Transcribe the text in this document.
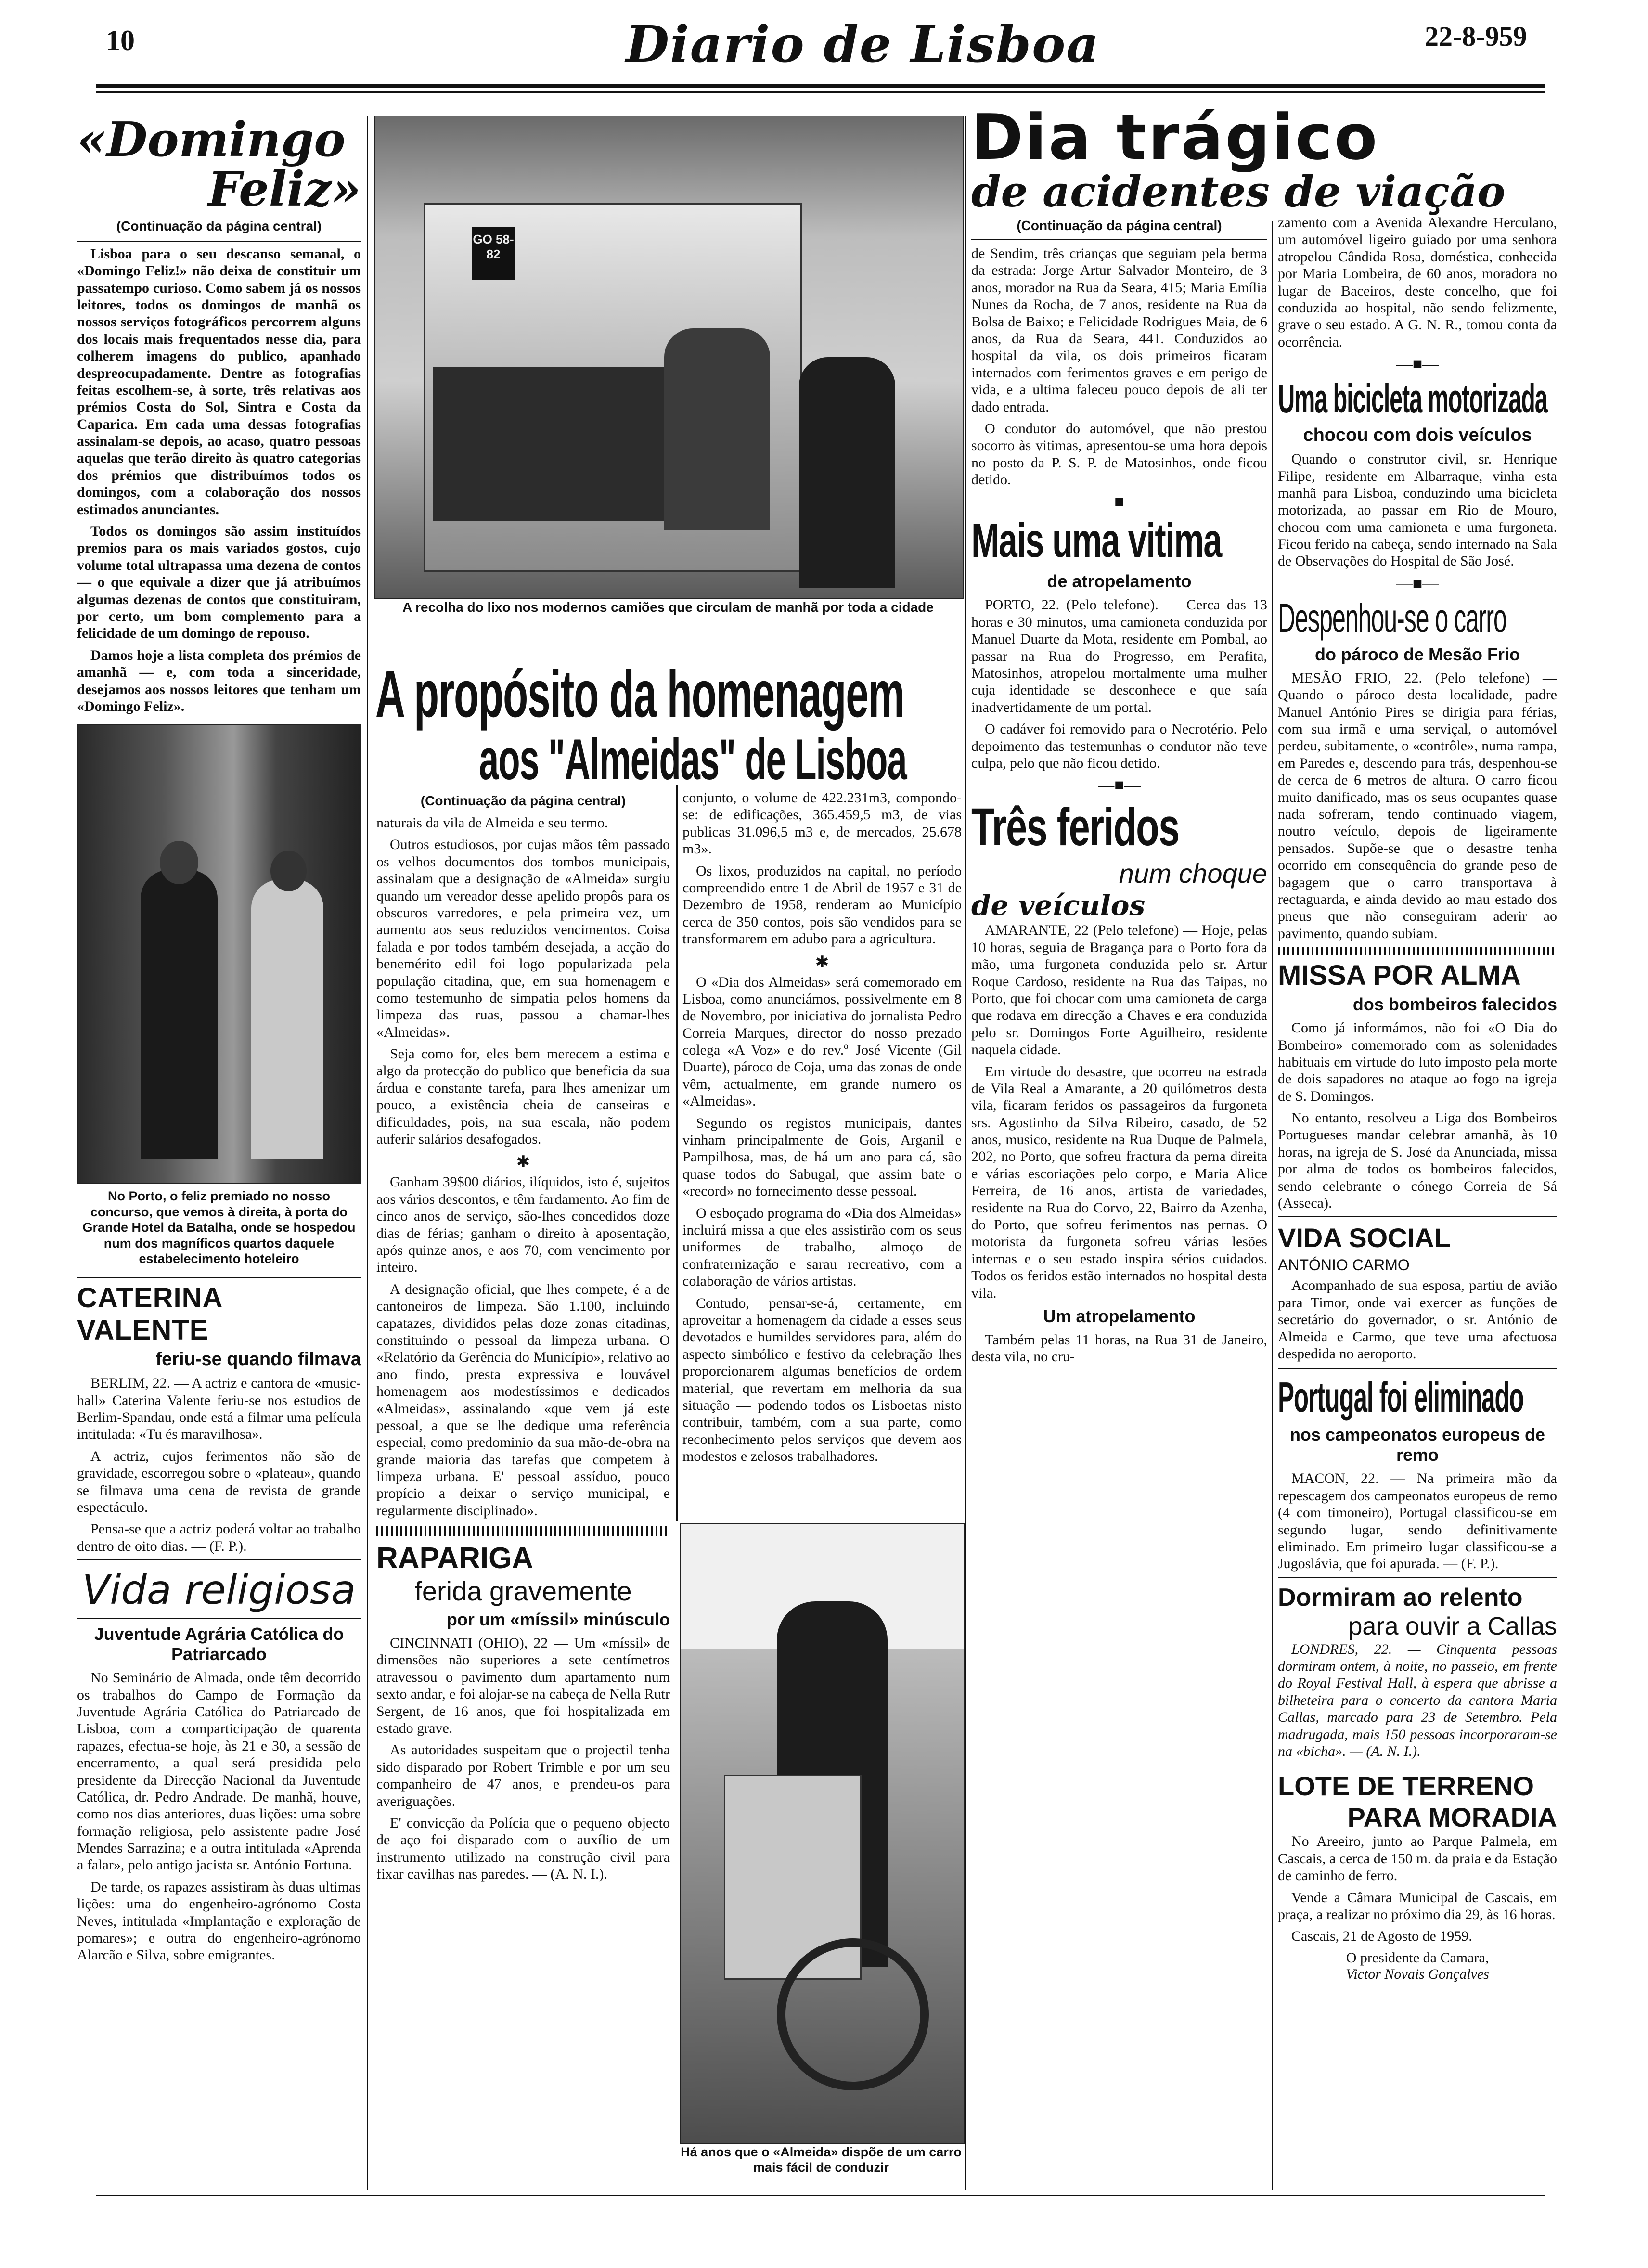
10	Diario de Lisboa	22-8-959
«Domingo
Feliz»
(Continuação da página central)

Lisboa para o seu descanso semanal, o «Domingo Feliz!» não deixa de constituir um passatempo curioso. Como sabem já os nossos leitores, todos os domingos de manhã os nossos serviços fotográficos percorrem alguns dos locais mais frequentados nesse dia, para colherem imagens do publico, apanhado despreocupadamente. Dentre as fotografias feitas escolhem-se, à sorte, três relativas aos prémios Costa do Sol, Sintra e Costa da Caparica. Em cada uma dessas fotografias assinalam-se depois, ao acaso, quatro pessoas aquelas que terão direito às quatro categorias dos prémios que distribuímos todos os domingos, com a colaboração dos nossos estimados anunciantes.

Todos os domingos são assim instituídos premios para os mais variados gostos, cujo volume total ultrapassa uma dezena de contos — o que equivale a dizer que já atribuímos algumas dezenas de contos que constituiram, por certo, um bom complemento para a felicidade de um domingo de repouso.

Damos hoje a lista completa dos prémios de amanhã — e, com toda a sinceridade, desejamos aos nossos leitores que tenham um «Domingo Feliz».

No Porto, o feliz premiado no nosso concurso, que vemos à direita, à porta do Grande Hotel da Batalha, onde se hospedou num dos magníficos quartos daquele estabelecimento hoteleiro
CATERINA VALENTE
feriu-se quando filmava

BERLIM, 22. — A actriz e cantora de «music-hall» Caterina Valente feriu-se nos estudios de Berlim-Spandau, onde está a filmar uma película intitulada: «Tu és maravilhosa».

A actriz, cujos ferimentos não são de gravidade, escorregou sobre o «plateau», quando se filmava uma cena de revista de grande espectáculo.

Pensa-se que a actriz poderá voltar ao trabalho dentro de oito dias. — (F. P.).

Vida religiosa
Juventude Agrária Católica do Patriarcado

No Seminário de Almada, onde têm decorrido os trabalhos do Campo de Formação da Juventude Agrária Católica do Patriarcado de Lisboa, com a comparticipação de quarenta rapazes, efectua-se hoje, às 21 e 30, a sessão de encerramento, a qual será presidida pelo presidente da Direcção Nacional da Juventude Católica, dr. Pedro Andrade. De manhã, houve, como nos dias anteriores, duas lições: uma sobre formação religiosa, pelo assistente padre José Mendes Sarrazina; e a outra intitulada «Aprenda a falar», pelo antigo jacista sr. António Fortuna.

De tarde, os rapazes assistiram às duas ultimas lições: uma do engenheiro-agrónomo Costa Neves, intitulada «Implantação e exploração de pomares»; e outra do engenheiro-agrónomo Alarcão e Silva, sobre emigrantes.

GO 58-82
A recolha do lixo nos modernos camiões que circulam de manhã por toda a cidade
A propósito da homenagem
aos "Almeidas" de Lisboa
(Continuação da página central)

naturais da vila de Almeida e seu termo.

Outros estudiosos, por cujas mãos têm passado os velhos documentos dos tombos municipais, assinalam que a designação de «Almeida» surgiu quando um vereador desse apelido propôs para os obscuros varredores, e pela primeira vez, um aumento aos seus reduzidos vencimentos. Coisa falada e por todos também desejada, a acção do benemérito edil foi logo popularizada pela população citadina, que, em sua homenagem e como testemunho de simpatia pelos homens da limpeza das ruas, passou a chamar-lhes «Almeidas».

Seja como for, eles bem merecem a estima e algo da protecção do publico que beneficia da sua árdua e constante tarefa, para lhes amenizar um pouco, a existência cheia de canseiras e dificuldades, pois, na sua escala, não podem auferir salários desafogados.

✱

Ganham 39$00 diários, ilíquidos, isto é, sujeitos aos vários descontos, e têm fardamento. Ao fim de cinco anos de serviço, são-lhes concedidos doze dias de férias; ganham o direito à aposentação, após quinze anos, e aos 70, com vencimento por inteiro.

A designação oficial, que lhes compete, é a de cantoneiros de limpeza. São 1.100, incluindo capatazes, divididos pelas doze zonas citadinas, constituindo o pessoal da limpeza urbana. O «Relatório da Gerência do Município», relativo ao ano findo, presta expressiva e louvável homenagem aos modestíssimos e dedicados «Almeidas», assinalando «que vem já este pessoal, a que se lhe dedique uma referência especial, como predominio da sua mão-de-obra na grande maioria das tarefas que competem à limpeza urbana. E' pessoal assíduo, pouco propício a deixar o serviço municipal, e regularmente disciplinado».

conjunto, o volume de 422.231m3, compondo-se: de edificações, 365.459,5 m3, de vias publicas 31.096,5 m3 e, de mercados, 25.678 m3».

Os lixos, produzidos na capital, no período compreendido entre 1 de Abril de 1957 e 31 de Dezembro de 1958, renderam ao Município cerca de 350 contos, pois são vendidos para se transformarem em adubo para a agricultura.

✱

O «Dia dos Almeidas» será comemorado em Lisboa, como anunciámos, possivelmente em 8 de Novembro, por iniciativa do jornalista Pedro Correia Marques, director do nosso prezado colega «A Voz» e do rev.º José Vicente (Gil Duarte), pároco de Coja, uma das zonas de onde vêm, actualmente, em grande numero os «Almeidas».

Segundo os registos municipais, dantes vinham principalmente de Gois, Arganil e Pampilhosa, mas, de há um ano para cá, são quase todos do Sabugal, que assim bate o «record» no fornecimento desse pessoal.

O esboçado programa do «Dia dos Almeidas» incluirá missa a que eles assistirão com os seus uniformes de trabalho, almoço de confraternização e sarau recreativo, com a colaboração de vários artistas.

Contudo, pensar-se-á, certamente, em aproveitar a homenagem da cidade a esses seus devotados e humildes servidores para, além do aspecto simbólico e festivo da celebração lhes proporcionarem algumas benefícios de ordem material, que revertam em melhoria da sua situação — podendo todos os Lisboetas nisto contribuir, também, com a sua parte, como reconhecimento pelos serviços que devem aos modestos e zelosos trabalhadores.

RAPARIGA
ferida gravemente
por um «míssil» minúsculo

CINCINNATI (OHIO), 22 — Um «míssil» de dimensões não superiores a sete centímetros atravessou o pavimento dum apartamento num sexto andar, e foi alojar-se na cabeça de Nella Rutr Sergent, de 16 anos, que foi hospitalizada em estado grave.

As autoridades suspeitam que o projectil tenha sido disparado por Robert Trimble e por um seu companheiro de 47 anos, e prendeu-os para averiguações.

E' convicção da Polícia que o pequeno objecto de aço foi disparado com o auxílio de um instrumento utilizado na construção civil para fixar cavilhas nas paredes. — (A. N. I.).

Há anos que o «Almeida» dispõe de um carro mais fácil de conduzir
Dia trágico
de acidentes de viação
(Continuação da página central)

de Sendim, três crianças que seguiam pela berma da estrada: Jorge Artur Salvador Monteiro, de 3 anos, morador na Rua da Seara, 415; Maria Emília Nunes da Rocha, de 7 anos, residente na Rua da Bolsa de Baixo; e Felicidade Rodrigues Maia, de 6 anos, da Rua da Seara, 441. Conduzidos ao hospital da vila, os dois primeiros ficaram internados com ferimentos graves e em perigo de vida, e a ultima faleceu pouco depois de ali ter dado entrada.

O condutor do automóvel, que não prestou socorro às vitimas, apresentou-se uma hora depois no posto da P. S. P. de Matosinhos, onde ficou detido.

—■—
Mais uma vitima
de atropelamento

PORTO, 22. (Pelo telefone). — Cerca das 13 horas e 30 minutos, uma camioneta conduzida por Manuel Duarte da Mota, residente em Pombal, ao passar na Rua do Progresso, em Perafita, Matosinhos, atropelou mortalmente uma mulher cuja identidade se desconhece e que saía inadvertidamente de um portal.

O cadáver foi removido para o Necrotério. Pelo depoimento das testemunhas o condutor não teve culpa, pelo que não ficou detido.

—■—
Três feridos
num choque
de veículos

AMARANTE, 22 (Pelo telefone) — Hoje, pelas 10 horas, seguia de Bragança para o Porto fora da mão, uma furgoneta conduzida pelo sr. Artur Roque Cardoso, residente na Rua das Taipas, no Porto, que foi chocar com uma camioneta de carga que rodava em direcção a Chaves e era conduzida pelo sr. Domingos Forte Aguilheiro, residente naquela cidade.

Em virtude do desastre, que ocorreu na estrada de Vila Real a Amarante, a 20 quilómetros desta vila, ficaram feridos os passageiros da furgoneta srs. Agostinho da Silva Ribeiro, casado, de 52 anos, musico, residente na Rua Duque de Palmela, 202, no Porto, que sofreu fractura da perna direita e várias escoriações pelo corpo, e Maria Alice Ferreira, de 16 anos, artista de variedades, residente na Rua do Corvo, 22, Bairro da Azenha, do Porto, que sofreu ferimentos nas pernas. O motorista da furgoneta sofreu várias lesões internas e o seu estado inspira sérios cuidados. Todos os feridos estão internados no hospital desta vila.

Um atropelamento

Também pelas 11 horas, na Rua 31 de Janeiro, desta vila, no cru-

zamento com a Avenida Alexandre Herculano, um automóvel ligeiro guiado por uma senhora atropelou Cândida Rosa, doméstica, conhecida por Maria Lombeira, de 60 anos, moradora no lugar de Baceiros, deste concelho, que foi conduzida ao hospital, não sendo felizmente, grave o seu estado. A G. N. R., tomou conta da ocorrência.

—■—
Uma bicicleta motorizada
chocou com dois veículos

Quando o construtor civil, sr. Henrique Filipe, residente em Albarraque, vinha esta manhã para Lisboa, conduzindo uma bicicleta motorizada, ao passar em Rio de Mouro, chocou com uma camioneta e uma furgoneta. Ficou ferido na cabeça, sendo internado na Sala de Observações do Hospital de São José.

—■—
Despenhou-se o carro
do pároco de Mesão Frio

MESÃO FRIO, 22. (Pelo telefone) — Quando o pároco desta localidade, padre Manuel António Pires se dirigia para férias, com sua irmã e uma serviçal, o automóvel perdeu, subitamente, o «contrôle», numa rampa, em Paredes e, descendo para trás, despenhou-se de cerca de 6 metros de altura. O carro ficou muito danificado, mas os seus ocupantes quase nada sofreram, tendo continuado viagem, noutro veículo, depois de ligeiramente pensados. Supõe-se que o desastre tenha ocorrido em consequência do grande peso de bagagem que o carro transportava à rectaguarda, e ainda devido ao mau estado dos pneus que não conseguiram aderir ao pavimento, quando subiam.

MISSA POR ALMA
dos bombeiros falecidos

Como já informámos, não foi «O Dia do Bombeiro» comemorado com as solenidades habituais em virtude do luto imposto pela morte de dois sapadores no ataque ao fogo na igreja de S. Domingos.

No entanto, resolveu a Liga dos Bombeiros Portugueses mandar celebrar amanhã, às 10 horas, na igreja de S. José da Anunciada, missa por alma de todos os bombeiros falecidos, sendo celebrante o cónego Correia de Sá (Asseca).

VIDA SOCIAL
ANTÓNIO CARMO

Acompanhado de sua esposa, partiu de avião para Timor, onde vai exercer as funções de secretário do governador, o sr. António de Almeida e Carmo, que teve uma afectuosa despedida no aeroporto.

Portugal foi eliminado
nos campeonatos europeus de remo

MACON, 22. — Na primeira mão da repescagem dos campeonatos europeus de remo (4 com timoneiro), Portugal classificou-se em segundo lugar, sendo definitivamente eliminado. Em primeiro lugar classificou-se a Jugoslávia, que foi apurada. — (F. P.).

Dormiram ao relento
para ouvir a Callas

LONDRES, 22. — Cinquenta pessoas dormiram ontem, à noite, no passeio, em frente do Royal Festival Hall, à espera que abrisse a bilheteira para o concerto da cantora Maria Callas, marcado para 23 de Setembro. Pela madrugada, mais 150 pessoas incorporaram-se na «bicha». — (A. N. I.).

LOTE DE TERRENO
PARA MORADIA

No Areeiro, junto ao Parque Palmela, em Cascais, a cerca de 150 m. da praia e da Estação de caminho de ferro.

Vende a Câmara Municipal de Cascais, em praça, a realizar no próximo dia 29, às 16 horas.

Cascais, 21 de Agosto de 1959.

O presidente da Camara,
Victor Novais Gonçalves
